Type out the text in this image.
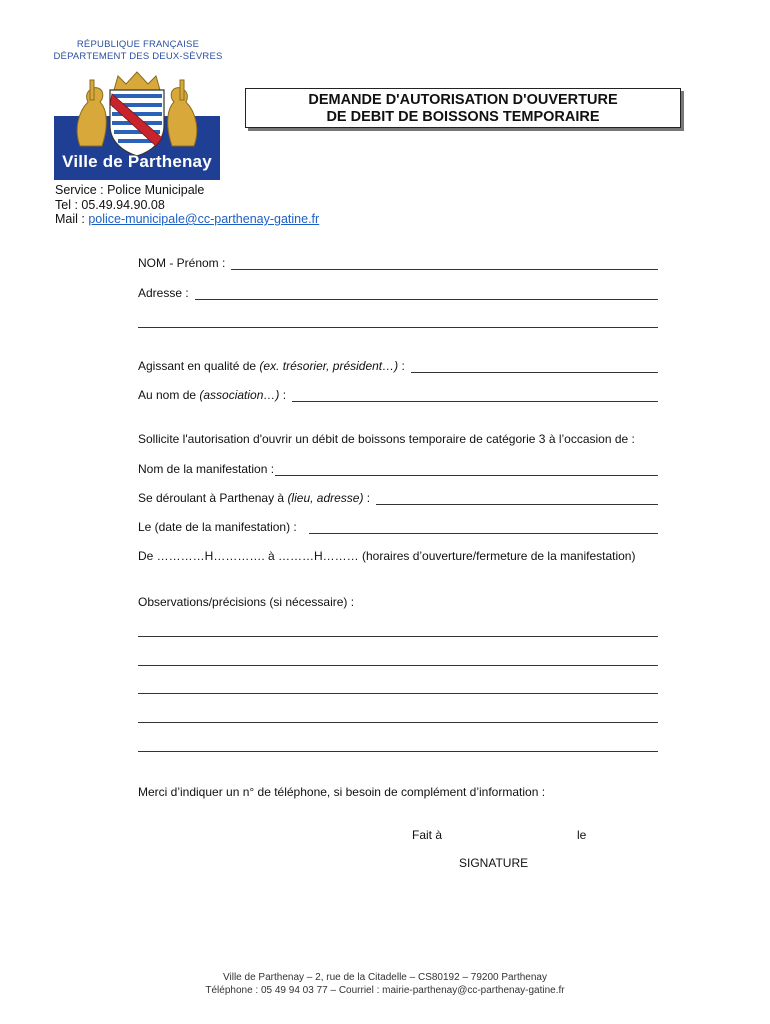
RÉPUBLIQUE FRANÇAISE
DÉPARTEMENT DES DEUX-SÈVRES
Ville de Parthenay
DEMANDE D'AUTORISATION D'OUVERTURE
DE DEBIT DE BOISSONS TEMPORAIRE
Service : Police Municipale
Tel : 05.49.94.90.08
Mail : police-municipale@cc-parthenay-gatine.fr
NOM - Prénom :
Adresse :
Agissant en qualité de (ex. trésorier, président…) :
Au nom de (association…) :
Sollicite l'autorisation d'ouvrir un débit de boissons temporaire de catégorie 3 à l’occasion de :
Nom de la manifestation :
Se déroulant à Parthenay à (lieu, adresse) :
Le (date de la manifestation) :
De …………H…………. à ………H……… (horaires d’ouverture/fermeture de la manifestation)
Observations/précisions (si nécessaire) :
Merci d’indiquer un n° de téléphone, si besoin de complément d’information :
Fait à	le
SIGNATURE
Ville de Parthenay – 2, rue de la Citadelle – CS80192 – 79200 Parthenay
Téléphone : 05 49 94 03 77 – Courriel : mairie-parthenay@cc-parthenay-gatine.fr
